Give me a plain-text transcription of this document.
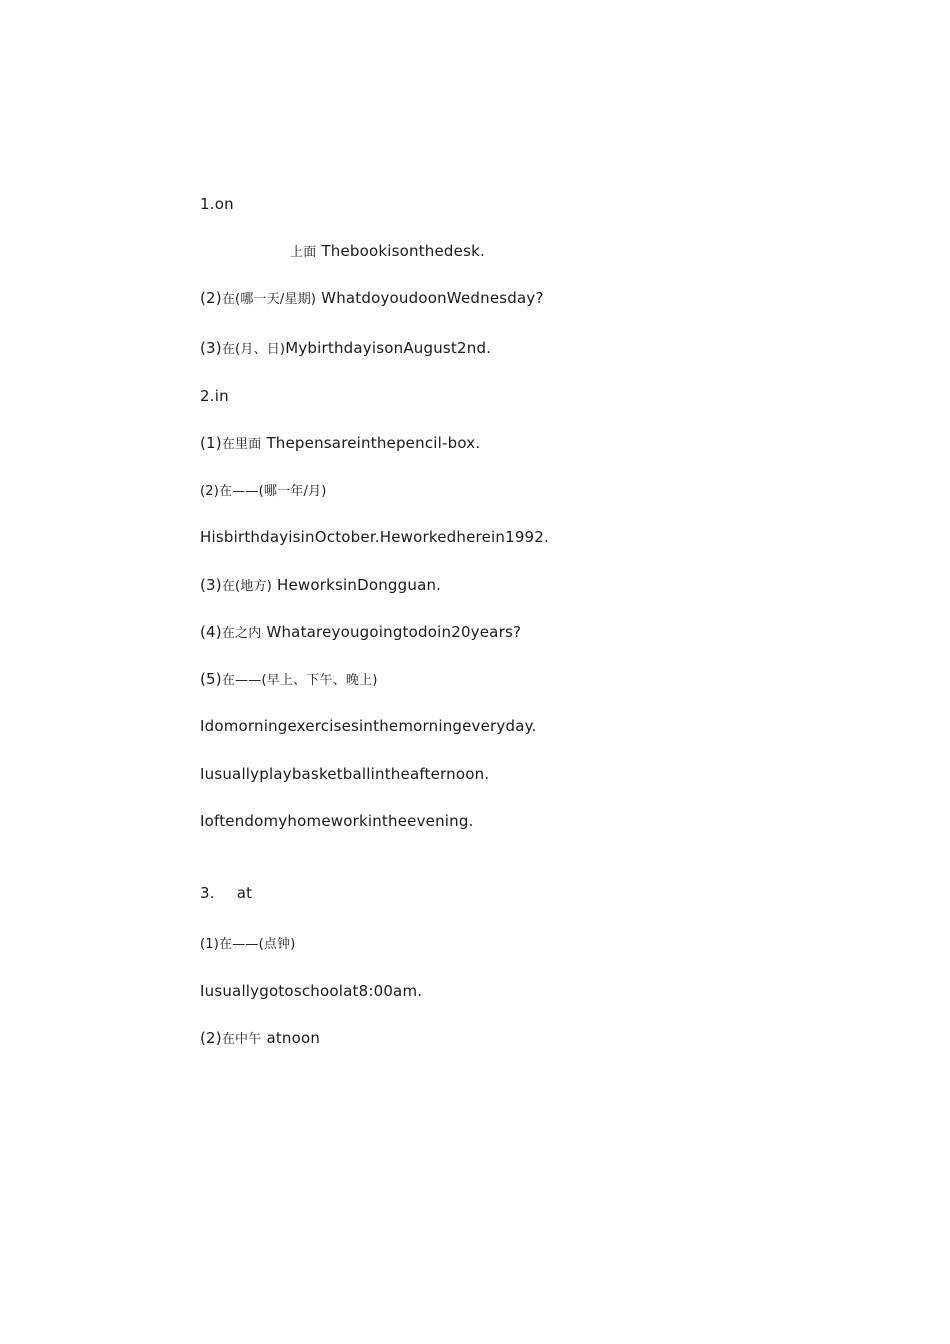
1.on
上面 Thebookisonthedesk.
(2)在(哪一天/星期) WhatdoyoudoonWednesday?
(3)在(月、日)MybirthdayisonAugust2nd.
2.in
(1)在里面 Thepensareinthepencil-box.
(2)在——(哪一年/月)
HisbirthdayisinOctober.Heworkedherein1992.
(3)在(地方) HeworksinDongguan.
(4)在之内 Whatareyougoingtodoin20years?
(5)在——(早上、下午、晚上)
Idomorningexercisesinthemorningeveryday.
Iusuallyplaybasketballintheafternoon.
Ioftendomyhomeworkintheevening.
3. at
(1)在——(点钟)
Iusuallygotoschoolat8:00am.
(2)在中午 atnoon
